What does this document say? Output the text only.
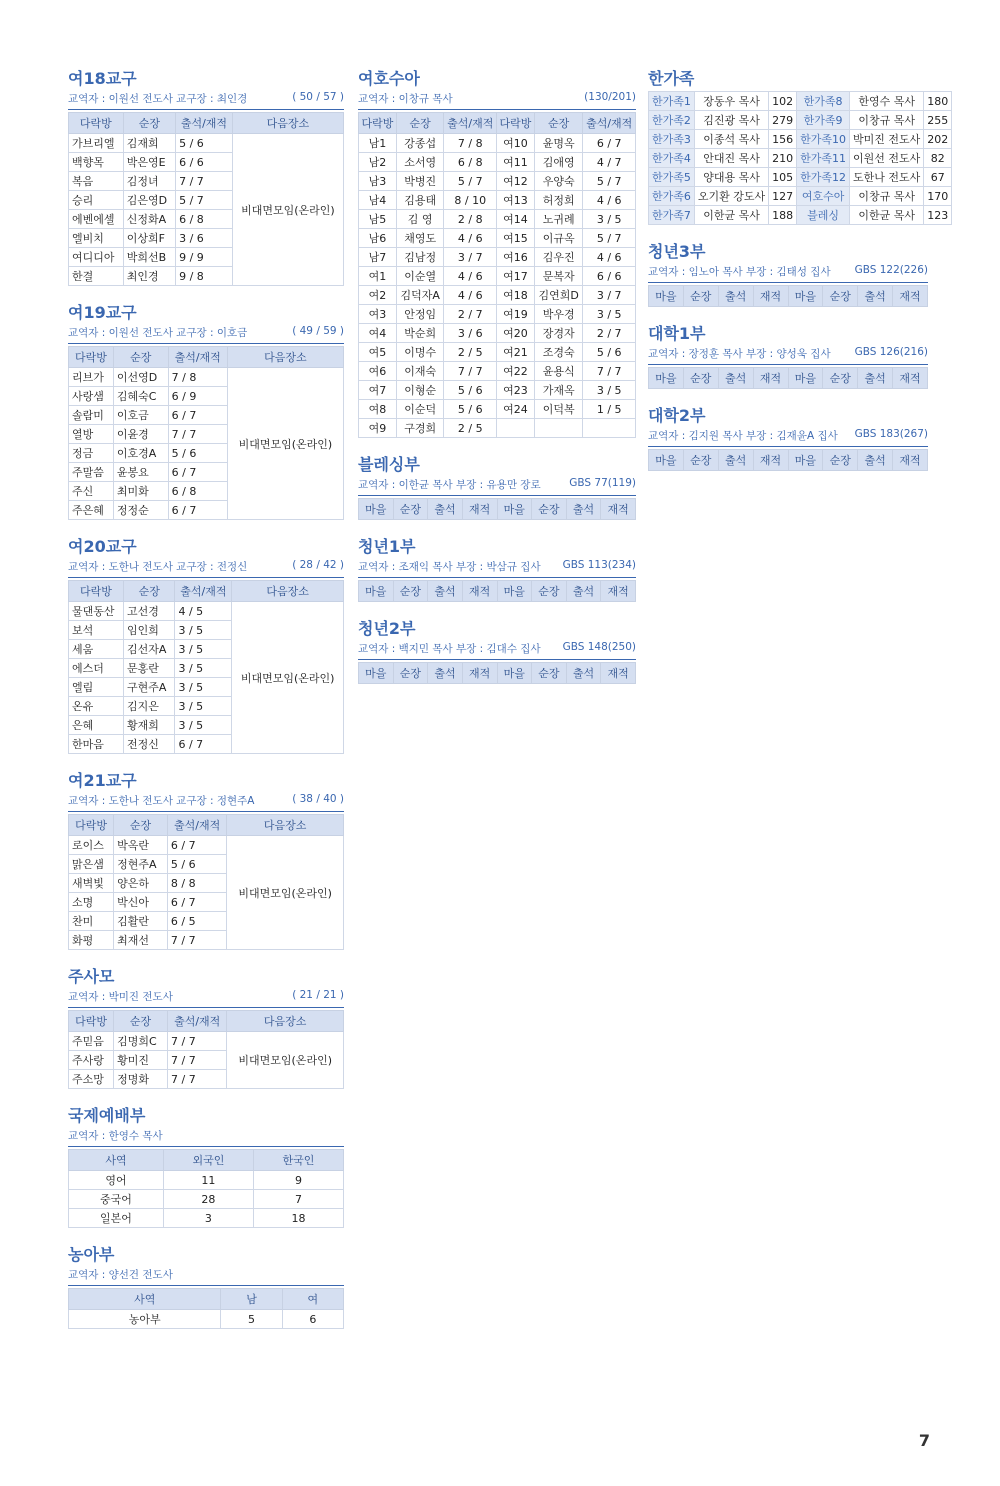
여18교구
교역자 : 이원선 전도사 교구장 : 최인경	( 50 / 57 )
다락방	순장	출석/재적	다음장소
가브리엘	김재희	5 / 6	비대면모임(온라인)
백향목	박은영E	6 / 6	
복음	김정녀	7 / 7	
승리	김은영D	5 / 7	
에벤에셀	신정화A	6 / 8	
엘비치	이상희F	3 / 6	
여디디아	박희선B	9 / 9	
한결	최인경	9 / 8	
여19교구
교역자 : 이원선 전도사 교구장 : 이호금	( 49 / 59 )
다락방	순장	출석/재적	다음장소
리브가	이선영D	7 / 8	비대면모임(온라인)
사랑샘	김혜숙C	6 / 9	
솔람미	이호금	6 / 7	
열방	이윤경	7 / 7	
정금	이호경A	5 / 6	
주말씀	윤봉요	6 / 7	
주신	최미화	6 / 8	
주은혜	정정순	6 / 7	
여20교구
교역자 : 도한나 전도사 교구장 : 전정신	( 28 / 42 )
다락방	순장	출석/재적	다음장소
물댄동산	고선경	4 / 5	비대면모임(온라인)
보석	임인희	3 / 5	
세움	김선자A	3 / 5	
에스더	문홍란	3 / 5	
엘림	구현주A	3 / 5	
온유	김지은	3 / 5	
은혜	황재희	3 / 5	
한마음	전정신	6 / 7	
여21교구
교역자 : 도한나 전도사 교구장 : 정현주A	( 38 / 40 )
다락방	순장	출석/재적	다음장소
로이스	박옥란	6 / 7	비대면모임(온라인)
맑은샘	정현주A	5 / 6	
새벽빛	양은하	8 / 8	
소명	박신아	6 / 7	
찬미	김활란	6 / 5	
화평	최재선	7 / 7	
주사모
교역자 : 박미진 전도사	( 21 / 21 )
다락방	순장	출석/재적	다음장소
주믿음	김명희C	7 / 7	비대면모임(온라인)
주사랑	황미진	7 / 7	
주소망	정명화	7 / 7	
국제예배부
교역자 : 한영수 목사
사역	외국인	한국인
영어	11	9
중국어	28	7
일본어	3	18
농아부
교역자 : 양선건 전도사
사역	남	여
농아부	5	6
여호수아
교역자 : 이창규 목사	(130/201)
다락방	순장	출석/재적	다락방	순장	출석/재적
남1	강종섭	7 / 8	여10	윤명옥	6 / 7
남2	소서영	6 / 8	여11	김애영	4 / 7
남3	박병진	5 / 7	여12	우양숙	5 / 7
남4	김용태	8 / 10	여13	허정희	4 / 6
남5	김 영	2 / 8	여14	노귀례	3 / 5
남6	채영도	4 / 6	여15	이규옥	5 / 7
남7	김남정	3 / 7	여16	김우진	4 / 6
여1	이순열	4 / 6	여17	문복자	6 / 6
여2	김덕자A	4 / 6	여18	김연희D	3 / 7
여3	안정임	2 / 7	여19	박우경	3 / 5
여4	박순희	3 / 6	여20	장경자	2 / 7
여5	이명수	2 / 5	여21	조경숙	5 / 6
여6	이재숙	7 / 7	여22	윤용식	7 / 7
여7	이형순	5 / 6	여23	가재옥	3 / 5
여8	이순덕	5 / 6	여24	이덕복	1 / 5
여9	구경희	2 / 5			
블레싱부
교역자 : 이한균 목사 부장 : 유용만 장로	GBS 77(119)
마을	순장	출석	재적	마을	순장	출석	재적
청년1부
교역자 : 조재익 목사 부장 : 박삼규 집사 GBS 113(234)
마을	순장	출석	재적	마을	순장	출석	재적
청년2부
교역자 : 백지민 목사 부장 : 김대수 집사 GBS 148(250)
마을	순장	출석	재적	마을	순장	출석	재적
한가족
한가족1	장동우 목사	102	한가족8	한영수 목사	180
한가족2	김진광 목사	279	한가족9	이창규 목사	255
한가족3	이종석 목사	156	한가족10	박미진 전도사	202
한가족4	안대진 목사	210	한가족11	이원선 전도사	82
한가족5	양대용 목사	105	한가족12	도한나 전도사	67
한가족6	오기환 강도사	127	여호수아	이창규 목사	170
한가족7	이한균 목사	188	블레싱	이한균 목사	123
청년3부
교역자 : 임노아 목사 부장 : 김태성 집사 GBS 122(226)
마을	순장	출석	재적	마을	순장	출석	재적
대학1부
교역자 : 장정훈 목사 부장 : 양성욱 집사 GBS 126(216)
마을	순장	출석	재적	마을	순장	출석	재적
대학2부
교역자 : 김지원 목사 부장 : 김재윤A 집사 GBS 183(267)
마을	순장	출석	재적	마을	순장	출석	재적
7
